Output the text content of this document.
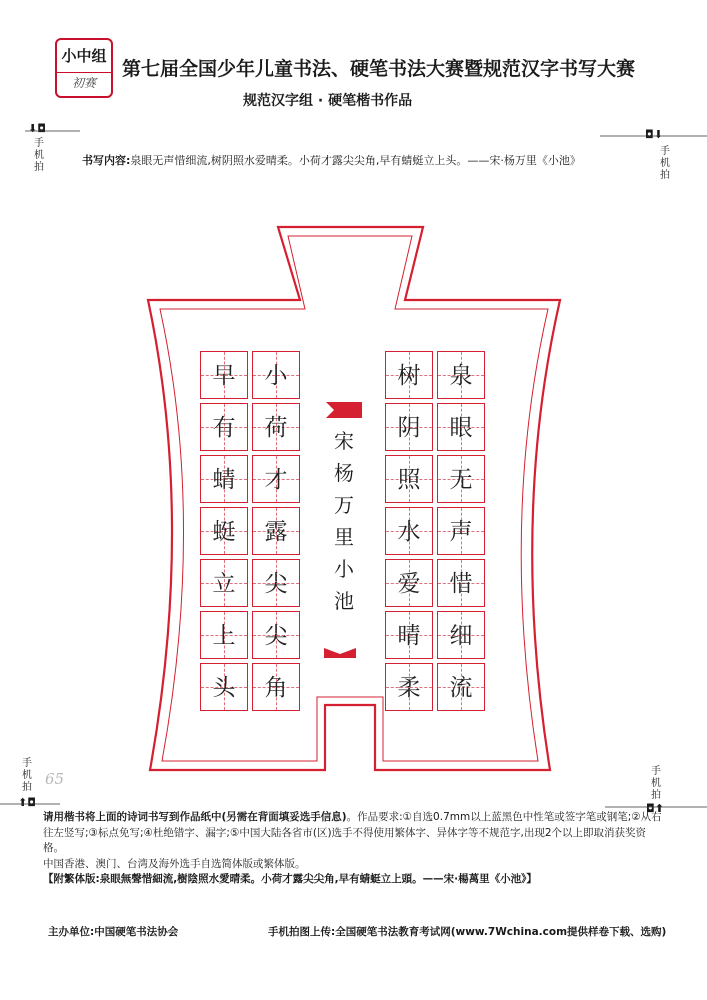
小中组
初赛
第七届全国少年儿童书法、硬笔书法大赛暨规范汉字书写大赛
规范汉字组 · 硬笔楷书作品
⬇◘
手
机
拍
◘⬇
手
机
拍
手
机
拍
⬆◘
手
机
拍
◘⬆
书写内容:泉眼无声惜细流,树阴照水爱晴柔。小荷才露尖尖角,早有蜻蜓立上头。——宋·杨万里《小池》
宋
杨
万
里
小
池
泉
眼
无
声
惜
细
流
树
阴
照
水
爱
晴
柔
小
荷
才
露
尖
尖
角
早
有
蜻
蜓
立
上
头
65
请用楷书将上面的诗词书写到作品纸中(另需在背面填妥选手信息)。作品要求:①自选0.7mm以上蓝黑色中性笔或签字笔或钢笔;②从右往左竖写;③标点免写;④杜绝错字、漏字;⑤中国大陆各省市(区)选手不得使用繁体字、异体字等不规范字,出现2个以上即取消获奖资格。
中国香港、澳门、台湾及海外选手自选简体版或繁体版。
【附繁体版:泉眼無聲惜細流,樹陰照水愛晴柔。小荷才露尖尖角,早有蜻蜓立上頭。——宋·楊萬里《小池》】
主办单位:中国硬笔书法协会	手机拍图上传:全国硬笔书法教育考试网(www.7Wchina.com提供样卷下载、选购)
